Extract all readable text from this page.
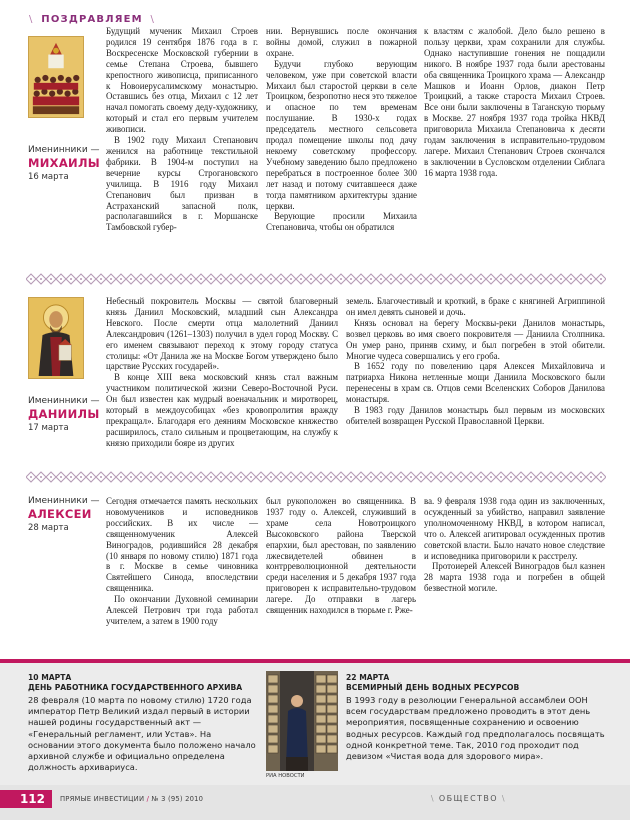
\ ПОЗДРАВЛЯЕМ \
Именинники —
МИХАИЛЫ
16 марта

Будущий мученик Михаил Строев родился 19 сентября 1876 года в г. Воскресенске Московской губернии в семье Степана Строева, бывшего крепостного живописца, приписанного к Новоиерусалимскому монастырю. Оставшись без отца, Михаил с 12 лет начал помогать своему деду-художнику, который и стал его первым учителем живописи.

В 1902 году Михаил Степанович женился на работнице текстильной фабрики. В 1904-м поступил на вечерние курсы Строгановского училища. В 1916 году Михаил Степанович был призван в Астраханский запасной полк, располагавшийся в г. Моршанске Тамбовской губер-

нии. Вернувшись после окончания войны домой, служил в пожарной охране.

Будучи глубоко верующим человеком, уже при советской власти Михаил был старостой церкви в селе Троицком, безропотно неся это тяжелое и опасное по тем временам послушание. В 1930-х годах председатель местного сельсовета продал помещение школы под дачу некоему советскому профессору. Учебному заведению было предложено перебраться в построенное более 300 лет назад и потому считавшееся даже тогда памятником архитектуры здание церкви.

Верующие просили Михаила Степановича, чтобы он обратился

к властям с жалобой. Дело было решено в пользу церкви, храм сохранили для службы. Однако наступившие гонения не пощадили никого. В ноябре 1937 года были арестованы оба священника Троицкого храма — Александр Машков и Иоанн Орлов, диакон Петр Троицкий, а также староста Михаил Строев. Все они были заключены в Таганскую тюрьму в Москве. 27 ноября 1937 года тройка НКВД приговорила Михаила Степановича к десяти годам заключения в исправительно-трудовом лагере. Михаил Степанович Строев скончался в заключении в Сусловском отделении Сиблага 16 марта 1938 года.

Именинники —
ДАНИИЛЫ
17 марта

Небесный покровитель Москвы — святой благоверный князь Даниил Московский, младший сын Александра Невского. После смерти отца малолетний Даниил Александрович (1261–1303) получил в удел город Москву. С его именем связывают переход к этому городу статуса столицы: «От Данила же на Москве Богом утверждено было царствие Русских государей».

В конце XIII века московский князь стал важным участником политической жизни Северо-Восточной Руси. Он был известен как мудрый военачальник и миротворец, который в междоусобицах «без кровопролития вражду прекращал». Благодаря его деяниям Московское княжество расширилось, стало сильным и процветающим, на службу к князю приходили бояре из других

земель. Благочестивый и кроткий, в браке с княгиней Агриппиной он имел девять сыновей и дочь.

Князь основал на берегу Москвы-реки Данилов монастырь, возвел церковь во имя своего покровителя — Даниила Столпника. Он умер рано, приняв схиму, и был погребен в этой обители. Многие чудеса совершались у его гроба.

В 1652 году по повелению царя Алексея Михайловича и патриарха Никона нетленные мощи Даниила Московского были перенесены в храм св. Отцов семи Вселенских Соборов Данилова монастыря.

В 1983 году Данилов монастырь был первым из московских обителей возвращен Русской Православной Церкви.

Именинники —
АЛЕКСЕИ
28 марта

Сегодня отмечается память нескольких новомучеников и исповедников российских. В их числе — священномученик Алексей Виноградов, родившийся 28 декабря (10 января по новому стилю) 1871 года в г. Москве в семье чиновника Святейшего Синода, впоследствии священника.

По окончании Духовной семинарии Алексей Петрович три года работал учителем, а затем в 1900 году

был рукоположен во священника. В 1937 году о. Алексей, служивший в храме села Новотроицкого Высоковского района Тверской епархии, был арестован, по заявлению лжесвидетелей обвинен в контрреволюционной деятельности среди населения и 5 декабря 1937 года приговорен к исправительно-трудовом лагере. До отправки в лагерь священник находился в тюрьме г. Рже-

ва. 9 февраля 1938 года один из заключенных, осужденный за убийство, направил заявление уполномоченному НКВД, в котором написал, что о. Алексей агитировал осужденных против советской власти. Было начато новое следствие и исповедника приговорили к расстрелу.

Протоиерей Алексей Виноградов был казнен 28 марта 1938 года и погребен в общей безвестной могиле.

10 МАРТА
ДЕНЬ РАБОТНИКА ГОСУДАРСТВЕННОГО АРХИВА
28 февраля (10 марта по новому стилю) 1720 года император Петр Великий издал первый в истории нашей родины государственный акт — «Генеральный регламент, или Устав». На основании этого документа было положено начало архивной службе и официально определена должность архивариуса.
РИА НОВОСТИ
22 МАРТА
ВСЕМИРНЫЙ ДЕНЬ ВОДНЫХ РЕСУРСОВ
В 1993 году в резолюции Генеральной ассамблеи ООН всем государствам предложено проводить в этот день мероприятия, посвященные сохранению и освоению водных ресурсов. Каждый год предполагалось посвящать одной конкретной теме. Так, 2010 год проходит под девизом «Чистая вода для здорового мира».
112	ПРЯМЫЕ ИНВЕСТИЦИИ / № 3 (95) 2010	\ ОБЩЕСТВО \
